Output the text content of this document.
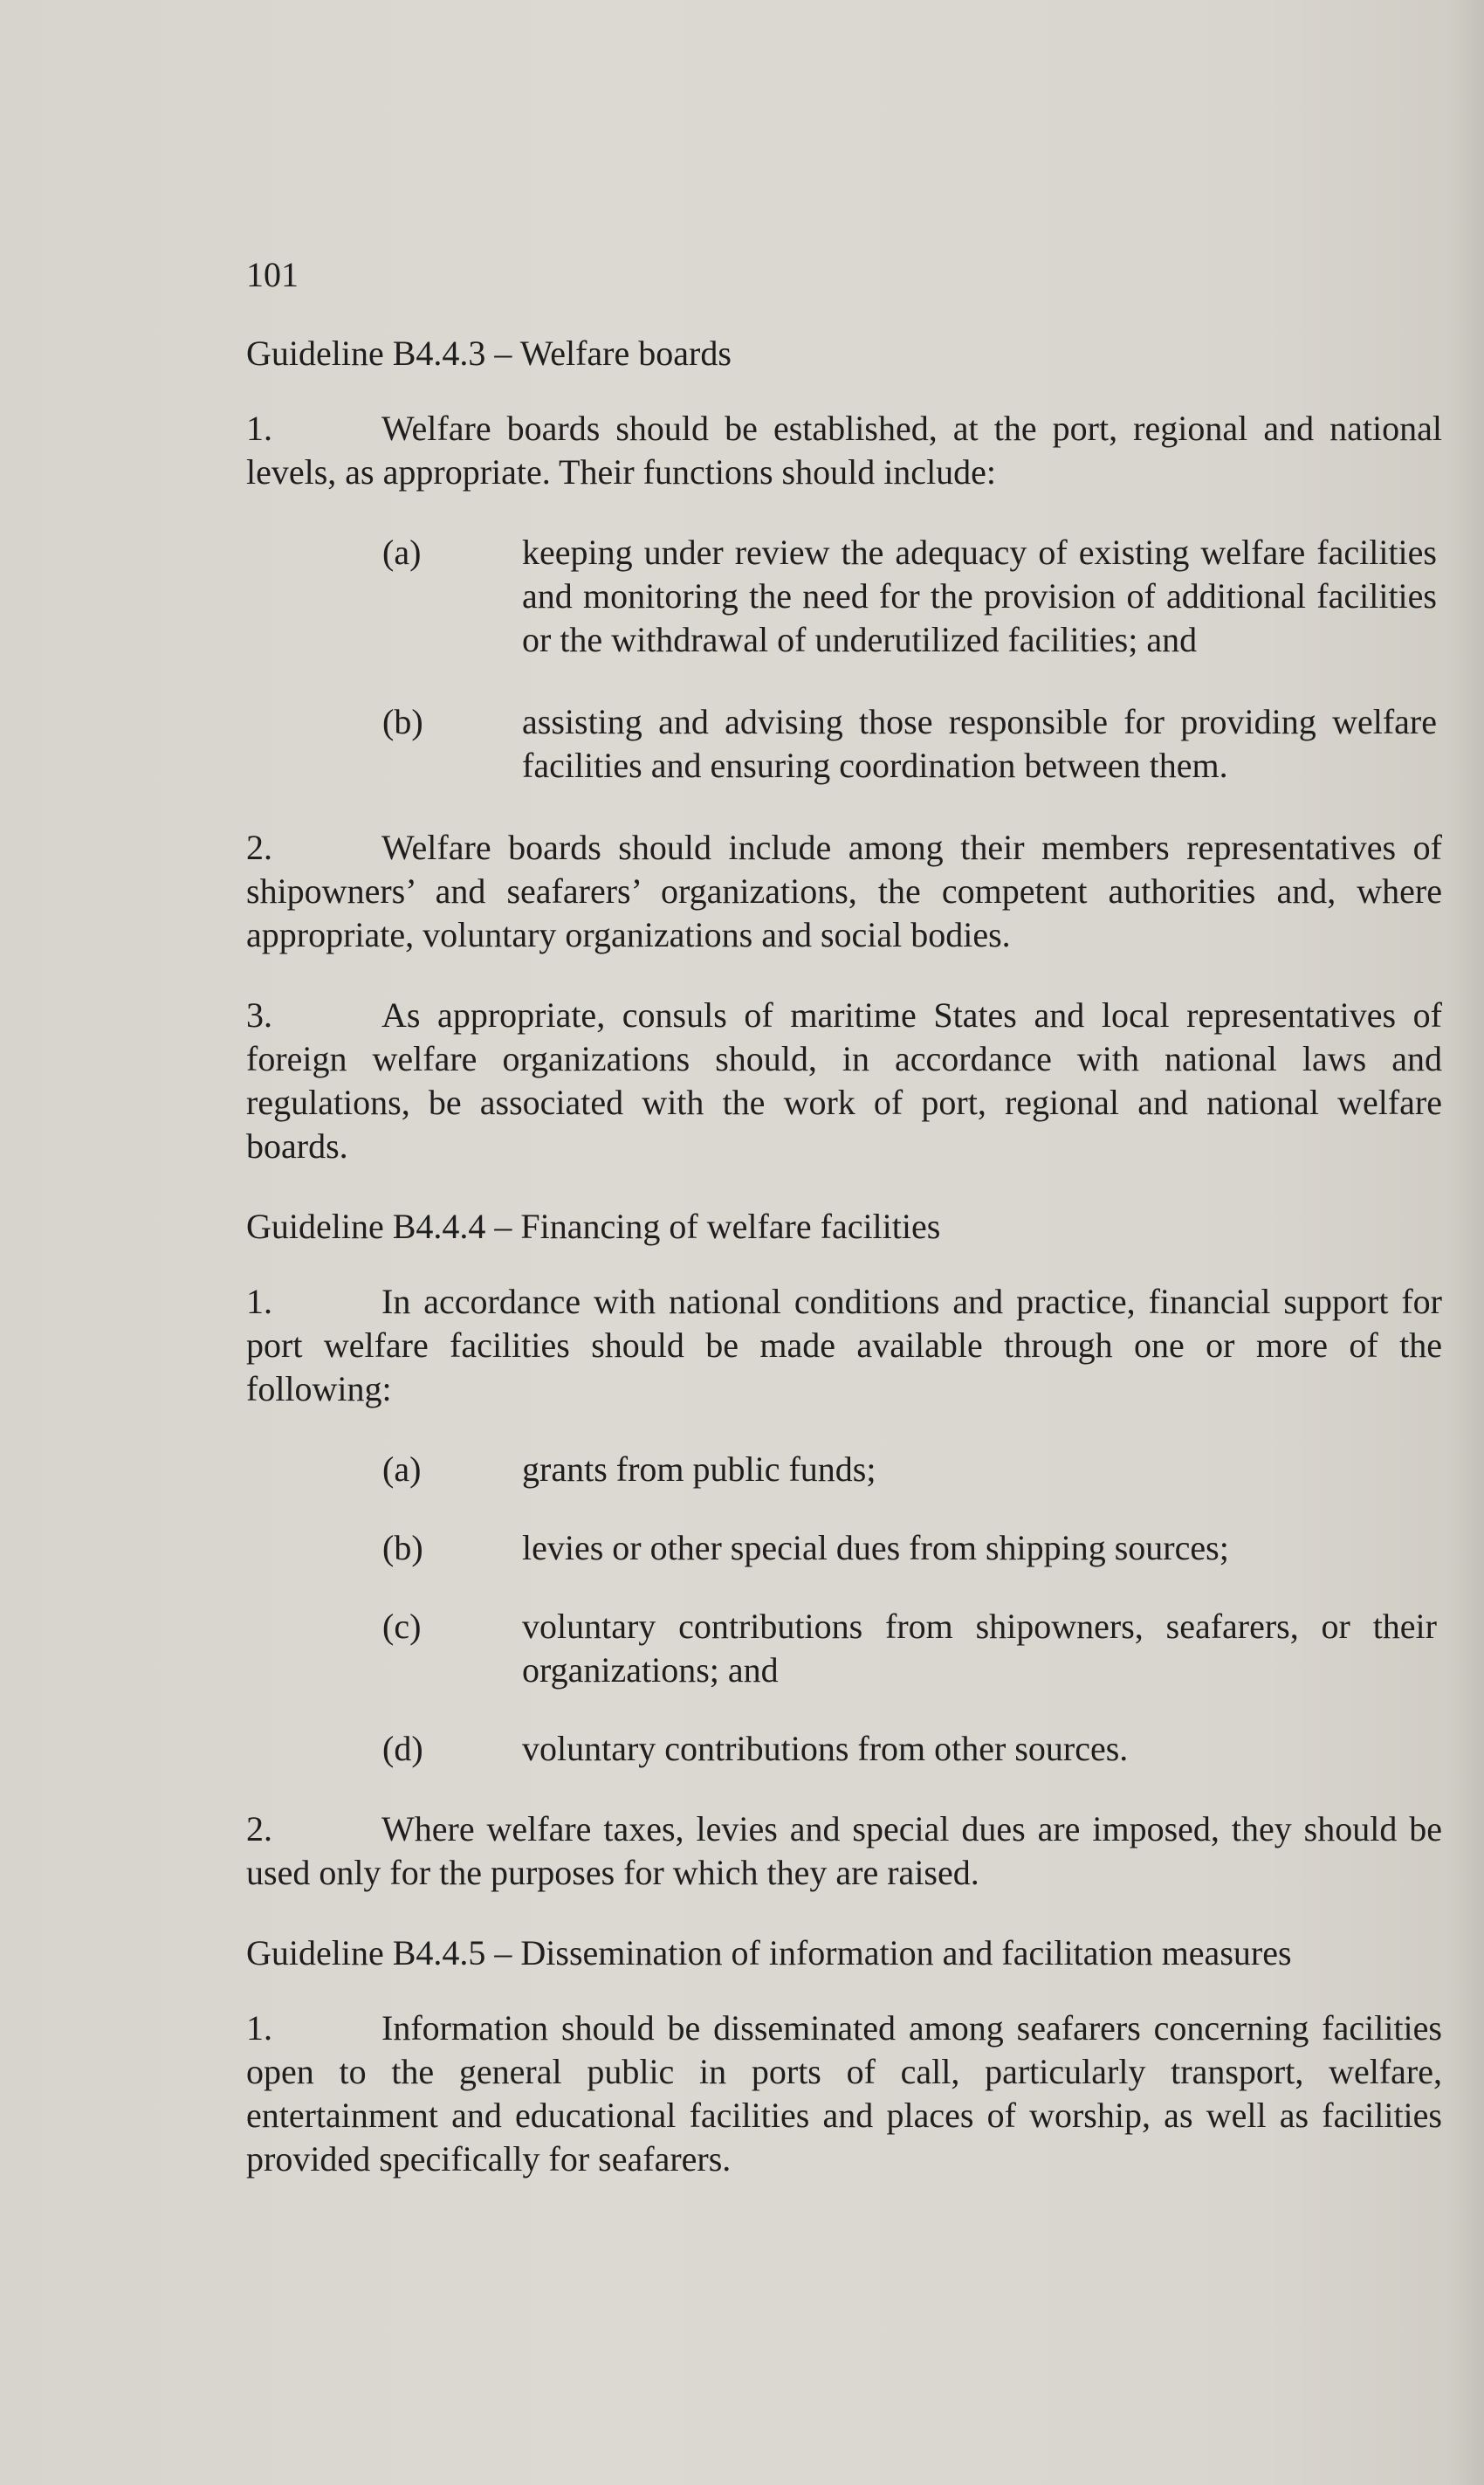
101
Guideline B4.4.3 – Welfare boards
1.	Welfare boards should be established, at the port, regional and national levels, as appropriate. Their functions should include:
(a)	keeping under review the adequacy of existing welfare facilities and monitoring the need for the provision of additional facilities or the withdrawal of underutilized facilities; and
(b)	assisting and advising those responsible for providing welfare facilities and ensuring coordination between them.
2.	Welfare boards should include among their members representatives of shipowners’ and seafarers’ organizations, the competent authorities and, where appropriate, voluntary organizations and social bodies.
3.	As appropriate, consuls of maritime States and local representatives of foreign welfare organizations should, in accordance with national laws and regulations, be associated with the work of port, regional and national welfare boards.
Guideline B4.4.4 – Financing of welfare facilities
1.	In accordance with national conditions and practice, financial support for port welfare facilities should be made available through one or more of the following:
(a)	grants from public funds;
(b)	levies or other special dues from shipping sources;
(c)	voluntary contributions from shipowners, seafarers, or their organizations; and
(d)	voluntary contributions from other sources.
2.	Where welfare taxes, levies and special dues are imposed, they should be used only for the purposes for which they are raised.
Guideline B4.4.5 – Dissemination of information and facilitation measures
1.	Information should be disseminated among seafarers concerning facilities open to the general public in ports of call, particularly transport, welfare, entertainment and educational facilities and places of worship, as well as facilities provided specifically for seafarers.
